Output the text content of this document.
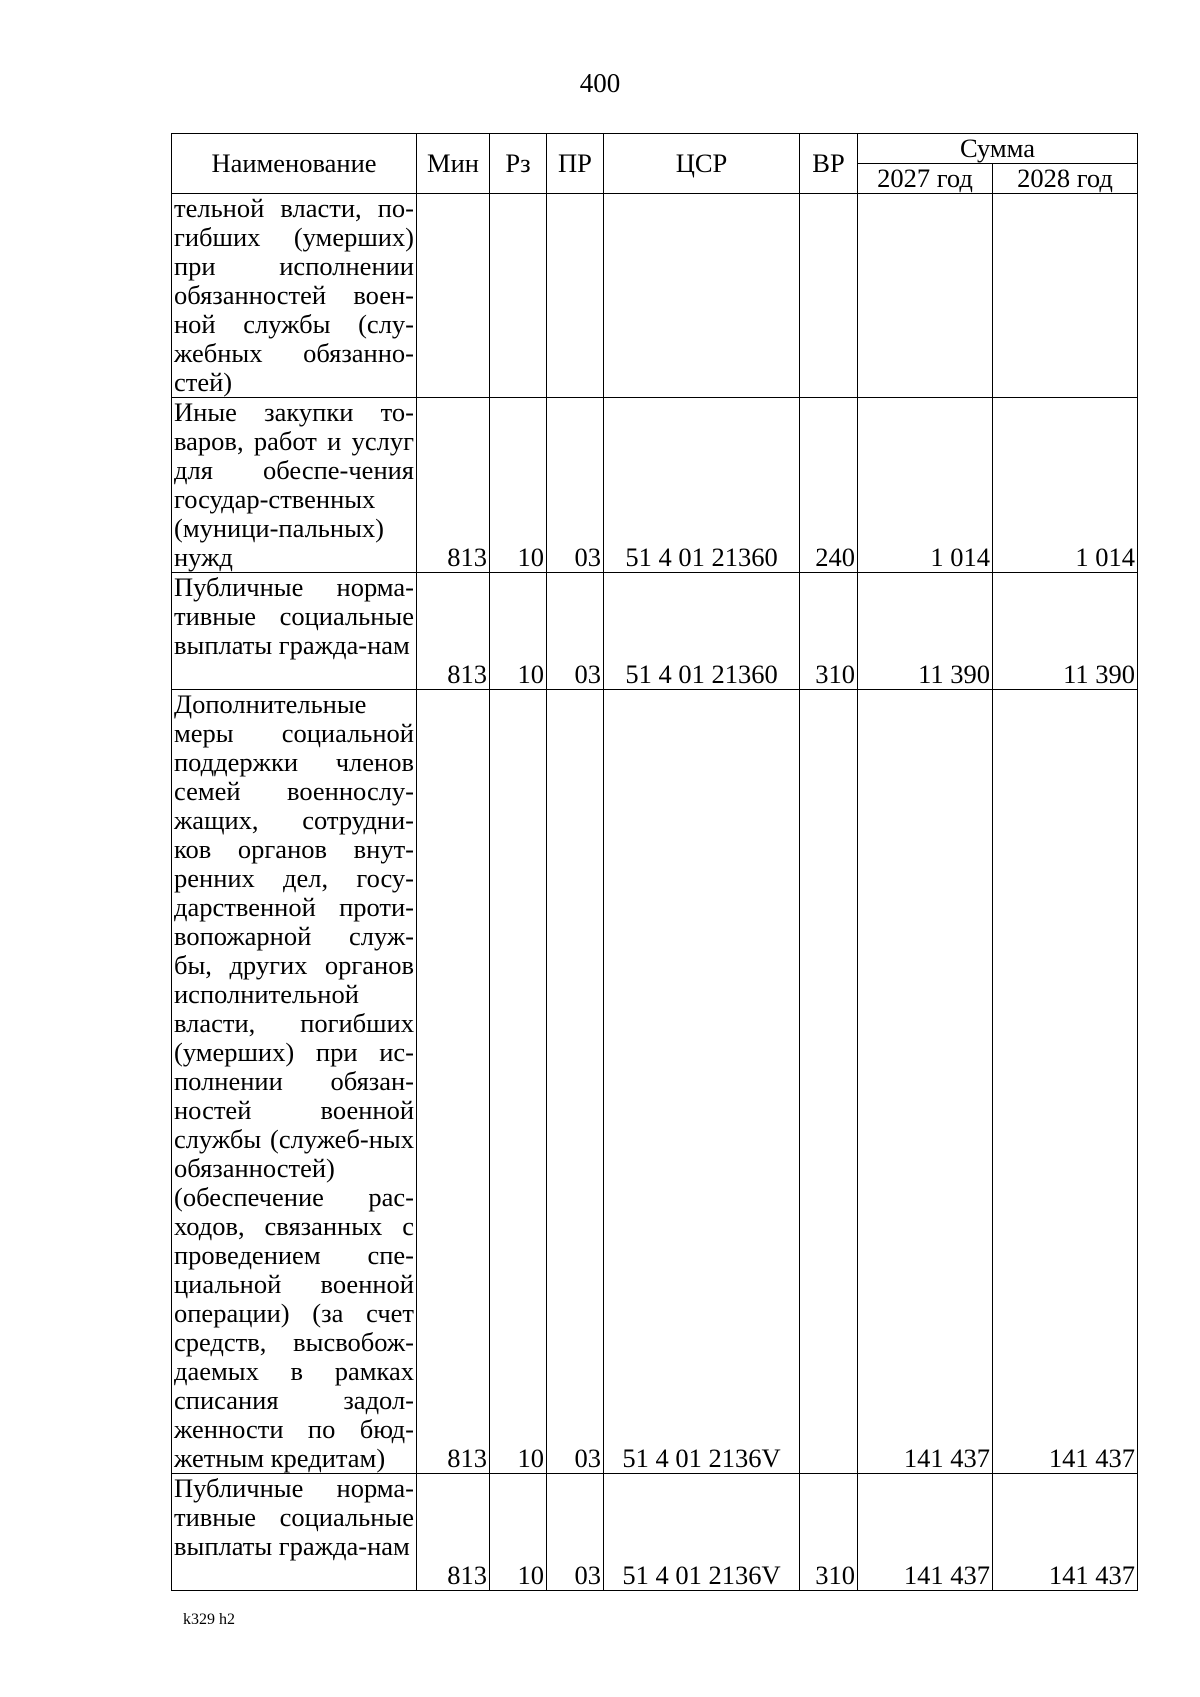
400
Наименование	Мин	Рз	ПР	ЦСР	ВР	Сумма	
						2027 год	2028 год
тельной власти, по-гибших (умерших) при исполнении обязанностей воен-ной службы (слу-жебных обязанно-стей)							
Иные закупки то-варов, работ и услуг для обеспе-чения государ-ственных (муници-пальных) нужд	813	10	03	51 4 01 21360	240	1 014	1 014
Публичные норма-тивные социальные выплаты гражда-нам	813	10	03	51 4 01 21360	310	11 390	11 390
Дополнительные меры социальной поддержки членов семей военнослу-жащих, сотрудни-ков органов внут-ренних дел, госу-дарственной проти-вопожарной служ-бы, других органов исполнительной власти, погибших (умерших) при ис-полнении обязан-ностей военной службы (служеб-ных обязанностей) (обеспечение рас-ходов, связанных с проведением спе-циальной военной операции) (за счет средств, высвобож-даемых в рамках списания задол-женности по бюд-жетным кредитам)	813	10	03	51 4 01 2136V		141 437	141 437
Публичные норма-тивные социальные выплаты гражда-нам	813	10	03	51 4 01 2136V	310	141 437	141 437
k329 h2
